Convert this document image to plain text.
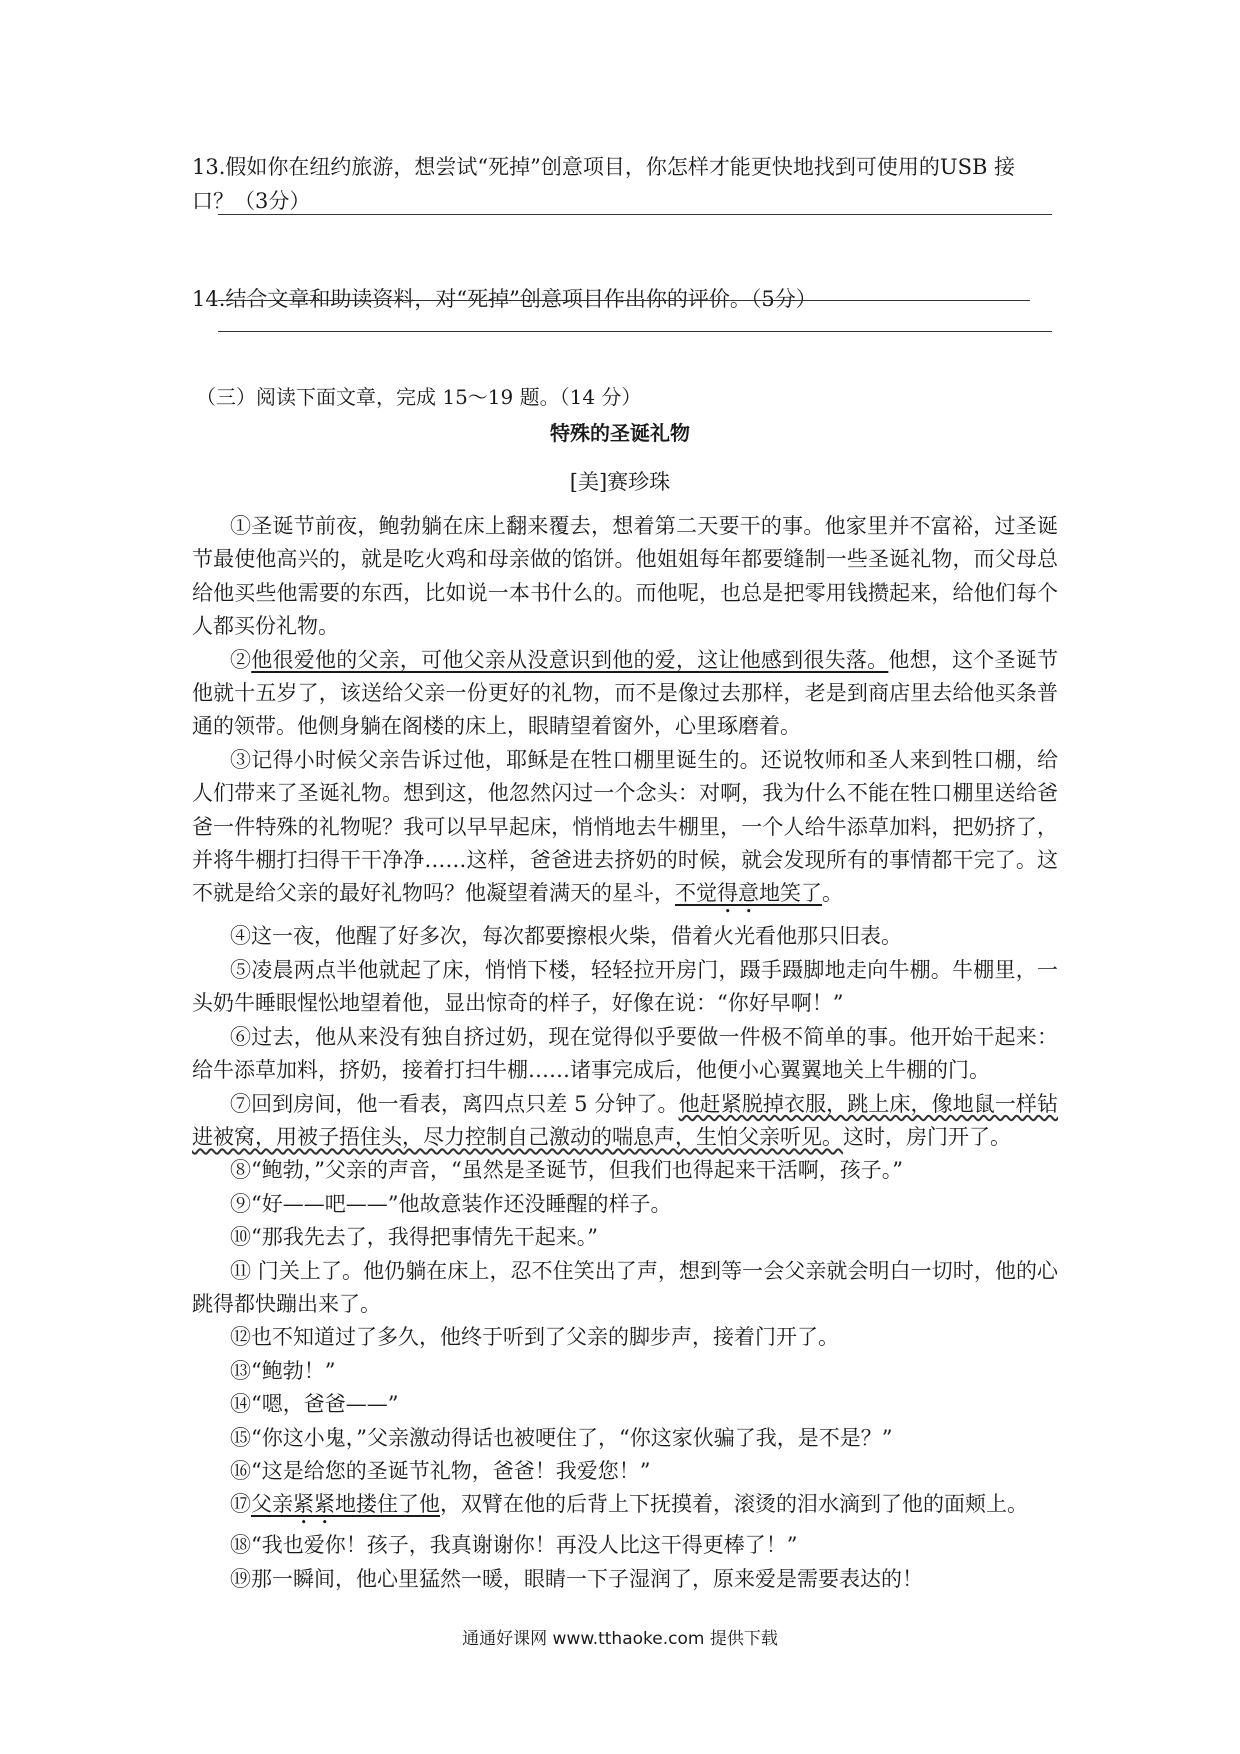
13.假如你在纽约旅游，想尝试“死掉”创意项目，你怎样才能更快地找到可使用的USB 接口？（3分）
14.结合文章和助读资料，对“死掉”创意项目作出你的评价。（5分）
（三）阅读下面文章，完成 15～19 题。（14 分）
特殊的圣诞礼物
[美]赛珍珠

①圣诞节前夜，鲍勃躺在床上翻来覆去，想着第二天要干的事。他家里并不富裕，过圣诞节最使他高兴的，就是吃火鸡和母亲做的馅饼。他姐姐每年都要缝制一些圣诞礼物，而父母总给他买些他需要的东西，比如说一本书什么的。而他呢，也总是把零用钱攒起来，给他们每个人都买份礼物。

②他很爱他的父亲，可他父亲从没意识到他的爱，这让他感到很失落。他想，这个圣诞节他就十五岁了，该送给父亲一份更好的礼物，而不是像过去那样，老是到商店里去给他买条普通的领带。他侧身躺在阁楼的床上，眼睛望着窗外，心里琢磨着。

③记得小时候父亲告诉过他，耶稣是在牲口棚里诞生的。还说牧师和圣人来到牲口棚，给人们带来了圣诞礼物。想到这，他忽然闪过一个念头：对啊，我为什么不能在牲口棚里送给爸爸一件特殊的礼物呢？我可以早早起床，悄悄地去牛棚里，一个人给牛添草加料，把奶挤了，并将牛棚打扫得干干净净……这样，爸爸进去挤奶的时候，就会发现所有的事情都干完了。这不就是给父亲的最好礼物吗？他凝望着满天的星斗，不觉得意地笑了。

④这一夜，他醒了好多次，每次都要擦根火柴，借着火光看他那只旧表。

⑤凌晨两点半他就起了床，悄悄下楼，轻轻拉开房门，蹑手蹑脚地走向牛棚。牛棚里，一头奶牛睡眼惺忪地望着他，显出惊奇的样子，好像在说：“你好早啊！”

⑥过去，他从来没有独自挤过奶，现在觉得似乎要做一件极不简单的事。他开始干起来：给牛添草加料，挤奶，接着打扫牛棚……诸事完成后，他便小心翼翼地关上牛棚的门。

⑦回到房间，他一看表，离四点只差 5 分钟了。他赶紧脱掉衣服，跳上床，像地鼠一样钻进被窝，用被子捂住头，尽力控制自己激动的喘息声，生怕父亲听见。这时，房门开了。

⑧“鲍勃，”父亲的声音，“虽然是圣诞节，但我们也得起来干活啊，孩子。”

⑨“好——吧——”他故意装作还没睡醒的样子。

⑩“那我先去了，我得把事情先干起来。”

⑪ 门关上了。他仍躺在床上，忍不住笑出了声，想到等一会父亲就会明白一切时，他的心跳得都快蹦出来了。

⑫也不知道过了多久，他终于听到了父亲的脚步声，接着门开了。

⑬“鲍勃！”

⑭“嗯，爸爸——”

⑮“你这小鬼，”父亲激动得话也被哽住了，“你这家伙骗了我，是不是？”

⑯“这是给您的圣诞节礼物，爸爸！我爱您！”

⑰父亲紧紧地搂住了他，双臂在他的后背上下抚摸着，滚烫的泪水滴到了他的面颊上。

⑱“我也爱你！孩子，我真谢谢你！再没人比这干得更棒了！”

⑲那一瞬间，他心里猛然一暖，眼睛一下子湿润了，原来爱是需要表达的！

通通好课网 www.tthaoke.com 提供下载
